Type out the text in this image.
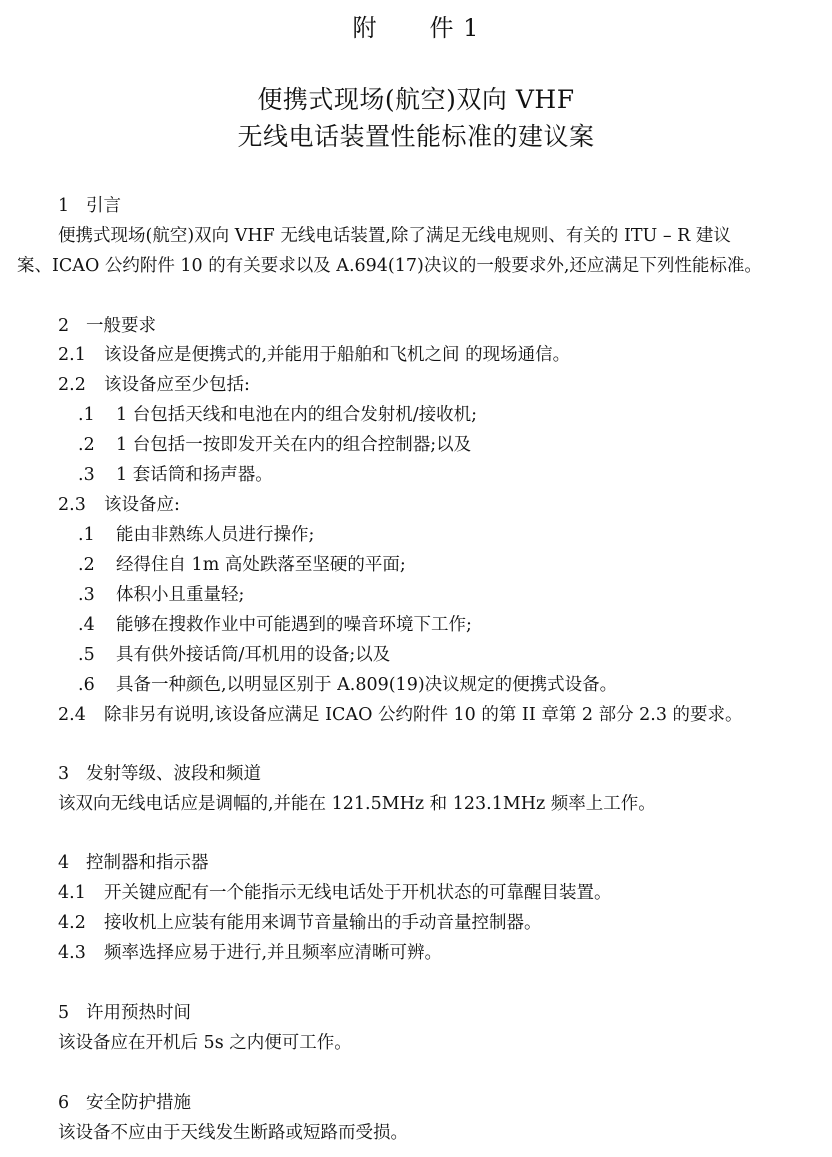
附 件 1
便携式现场(航空)双向 VHF
无线电话装置性能标准的建议案
1 引言
便携式现场(航空)双向 VHF 无线电话装置,除了满足无线电规则、有关的 ITU – R 建议
案、ICAO 公约附件 10 的有关要求以及 A.694(17)决议的一般要求外,还应满足下列性能标准。
2 一般要求
2.1 该设备应是便携式的,并能用于船舶和飞机之间 的现场通信。
2.2 该设备应至少包括:
.1 1 台包括天线和电池在内的组合发射机/接收机;
.2 1 台包括一按即发开关在内的组合控制器;以及
.3 1 套话筒和扬声器。
2.3 该设备应:
.1 能由非熟练人员进行操作;
.2 经得住自 1m 高处跌落至坚硬的平面;
.3 体积小且重量轻;
.4 能够在搜救作业中可能遇到的噪音环境下工作;
.5 具有供外接话筒/耳机用的设备;以及
.6 具备一种颜色,以明显区别于 A.809(19)决议规定的便携式设备。
2.4 除非另有说明,该设备应满足 ICAO 公约附件 10 的第 II 章第 2 部分 2.3 的要求。
3 发射等级、波段和频道
该双向无线电话应是调幅的,并能在 121.5MHz 和 123.1MHz 频率上工作。
4 控制器和指示器
4.1 开关键应配有一个能指示无线电话处于开机状态的可靠醒目装置。
4.2 接收机上应装有能用来调节音量输出的手动音量控制器。
4.3 频率选择应易于进行,并且频率应清晰可辨。
5 许用预热时间
该设备应在开机后 5s 之内便可工作。
6 安全防护措施
该设备不应由于天线发生断路或短路而受损。
